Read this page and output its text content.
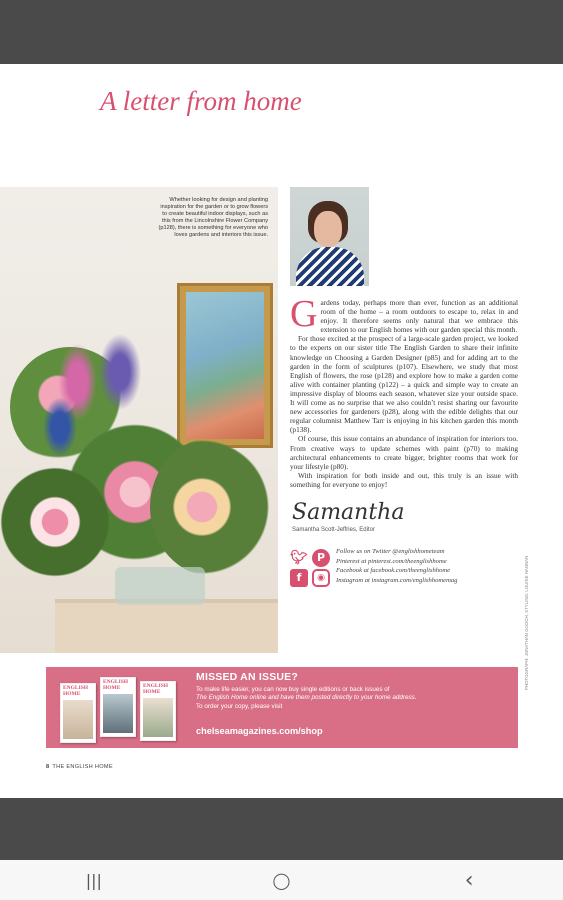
A letter from home
Whether looking for design and planting inspiration for the garden or to grow flowers to create beautiful indoor displays, such as this from the Lincolnshire Flower Company (p128), there is something for everyone who loves gardens and interiors this issue.

Gardens today, perhaps more than ever, function as an additional room of the home – a room outdoors to escape to, relax in and enjoy. It therefore seems only natural that we embrace this extension to our English homes with our garden special this month.

For those excited at the prospect of a large-scale garden project, we looked to the experts on our sister title The English Garden to share their infinite knowledge on Choosing a Garden Designer (p85) and for adding art to the garden in the form of sculptures (p107). Elsewhere, we study that most English of flowers, the rose (p128) and explore how to make a garden come alive with container planting (p122) – a quick and simple way to create an impressive display of blooms each season, whatever size your outside space. It will come as no surprise that we also couldn’t resist sharing our favourite new accessories for gardeners (p28), along with the edible delights that our regular columnist Matthew Tarr is enjoying in his kitchen garden this month (p138).

Of course, this issue contains an abundance of inspiration for interiors too. From creative ways to update schemes with paint (p70) to making architectural enhancements to create bigger, brighter rooms that work for your lifestyle (p80).

With inspiration for both inside and out, this truly is an issue with something for everyone to enjoy!

Samantha
Samantha Scott-Jeffries, Editor
🐦︎ P
f	◉
Follow us on Twitter @englishhometeam
Pinterest at pinterest.com/theenglishhome
Facebook at facebook.com/theenglishhome
Instagram at instagram.com/englishhomemag	PHOTOGRAPH: JONATHAN GOOCH, STYLING: LOUISE HANNAN
ENGLISH HOME
ENGLISH HOME	ENGLISH HOME
MISSED AN ISSUE?
To make life easier, you can now buy single editions or back issues of
The English Home online and have them posted directly to your home address.
To order your copy, please visit
chelseamagazines.com/shop
8 THE ENGLISH HOME
|||	◯	‹
